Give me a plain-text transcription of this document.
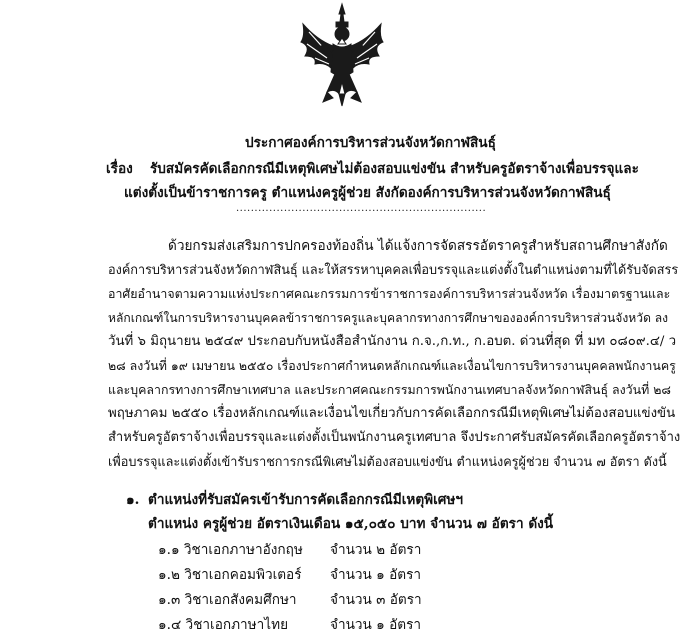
ประกาศองค์การบริหารส่วนจังหวัดกาฬสินธุ์
เรื่อง รับสมัครคัดเลือกกรณีมีเหตุพิเศษไม่ต้องสอบแข่งขัน สำหรับครูอัตราจ้างเพื่อบรรจุและ
แต่งตั้งเป็นข้าราชการครู ตำแหน่งครูผู้ช่วย สังกัดองค์การบริหารส่วนจังหวัดกาฬสินธุ์
....................................................................
ด้วยกรมส่งเสริมการปกครองท้องถิ่น ได้แจ้งการจัดสรรอัตราครูสำหรับสถานศึกษาสังกัด
องค์การบริหารส่วนจังหวัดกาฬสินธุ์ และให้สรรหาบุคคลเพื่อบรรจุและแต่งตั้งในตำแหน่งตามที่ได้รับจัดสรร
อาศัยอำนาจตามความแห่งประกาศคณะกรรมการข้าราชการองค์การบริหารส่วนจังหวัด เรื่องมาตรฐานและ
หลักเกณฑ์ในการบริหารงานบุคคลข้าราชการครูและบุคลากรทางการศึกษาขององค์การบริหารส่วนจังหวัด ลง
วันที่ ๖ มิถุนายน ๒๕๔๙ ประกอบกับหนังสือสำนักงาน ก.จ.,ก.ท., ก.อบต. ด่วนที่สุด ที่ มท ๐๘๐๙.๔/ ว
๒๘ ลงวันที่ ๑๙ เมษายน ๒๕๕๐ เรื่องประกาศกำหนดหลักเกณฑ์และเงื่อนไขการบริหารงานบุคคลพนักงานครู
และบุคลากรทางการศึกษาเทศบาล และประกาศคณะกรรมการพนักงานเทศบาลจังหวัดกาฬสินธุ์ ลงวันที่ ๒๘
พฤษภาคม ๒๕๕๐ เรื่องหลักเกณฑ์และเงื่อนไขเกี่ยวกับการคัดเลือกกรณีมีเหตุพิเศษไม่ต้องสอบแข่งขัน
สำหรับครูอัตราจ้างเพื่อบรรจุและแต่งตั้งเป็นพนักงานครูเทศบาล จึงประกาศรับสมัครคัดเลือกครูอัตราจ้าง
เพื่อบรรจุและแต่งตั้งเข้ารับราชการกรณีพิเศษไม่ต้องสอบแข่งขัน ตำแหน่งครูผู้ช่วย จำนวน ๗ อัตรา ดังนี้
๑. ตำแหน่งที่รับสมัครเข้ารับการคัดเลือกกรณีมีเหตุพิเศษฯ
ตำแหน่ง ครูผู้ช่วย อัตราเงินเดือน ๑๕,๐๕๐ บาท จำนวน ๗ อัตรา ดังนี้
๑.๑ วิชาเอกภาษาอังกฤษ จำนวน ๒ อัตรา
๑.๒ วิชาเอกคอมพิวเตอร์ จำนวน ๑ อัตรา
๑.๓ วิชาเอกสังคมศึกษา จำนวน ๓ อัตรา
๑.๔ วิชาเอกภาษาไทย	จำนวน ๑ อัตรา
